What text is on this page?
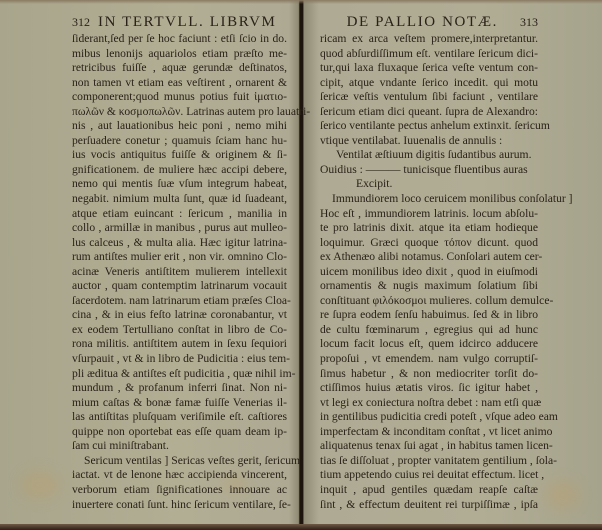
312 IN TERTVLL. LIBRVM
ſiderant,ſed per ſe hoc faciunt : etſi ſcio in do.
mibus lenonijs aquariolos etiam præſto me-
retricibus fuiſſe , aquæ gerundæ deſtinatos,
non tamen vt etiam eas veſtirent , ornarent &
componerent;quod munus potius fuit ἱματιο-
πωλῶν & κοσμοπωλῶν. Latrinas autem pro lauatri-
nis , aut lauationibus heic poni , nemo mihi
perſuadere conetur ; quamuis ſciam hanc hu-
ius vocis antiquitus fuiſſe & originem & ſi-
gnificationem. de muliere hæc accipi debere,
nemo qui mentis ſuæ vſum integrum habeat,
negabit. nimium multa ſunt, quæ id ſuadeant,
atque etiam euincant : ſericum , manilia in
collo , armillæ in manibus , purus aut mulleo-
lus calceus , & multa alia. Hæc igitur latrina-
rum antiſtes mulier erit , non vir. omnino Clo-
acinæ Veneris antiſtitem mulierem intellexit
auctor , quam contemptim latrinarum vocauit
ſacerdotem. nam latrinarum etiam præſes Cloa-
cina , & in eius feſto latrinæ coronabantur, vt
ex eodem Tertulliano conſtat in libro de Co-
rona militis. antiſtitem autem in ſexu ſequiori
vſurpauit , vt & in libro de Pudicitia : eius tem-
pli æditua & antiſtes eſt pudicitia , quæ nihil im-
mundum , & profanum inferri ſinat. Non ni-
mium caſtas & bonæ famæ fuiſſe Venerias il-
las antiſtitas pluſquam veriſimile eſt. caſtiores
quippe non oportebat eas eſſe quam deam ip-
ſam cui miniſtrabant.
Sericum ventilas ] Sericas veſtes gerit, ſericum
iactat. vt de lenone hæc accipienda vincerent,
verborum etiam ſignificationes innouare ac
inuertere conati ſunt. hinc ſericum ventilare, ſe-
DE PALLIO NOTÆ. 313
ricam ex arca veſtem promere,interpretantur.
quod abſurdiſſimum eſt. ventilare ſericum dici-
tur,qui laxa fluxaque ſerica veſte ventum con-
cipit, atque vndante ſerico incedit. qui motu
ſericæ veſtis ventulum ſibi faciunt , ventilare
ſericum etiam dici queant. ſupra de Alexandro:
ſerico ventilante pectus anhelum extinxit. ſericum
vtique ventilabat. Iuuenalis de annulis :
Ventilat æſtiuum digitis ſudantibus aurum.
Ouidius : ——— tunicisque fluentibus auras
Excipit.
Immundiorem loco ceruicem monilibus conſolatur ]
Hoc eſt , immundiorem latrinis. locum abſolu-
te pro latrinis dixit. atque ita etiam hodieque
loquimur. Græci quoque τόπον dicunt. quod
ex Athenæo alibi notamus. Conſolari autem cer-
uicem monilibus ideo dixit , quod in eiuſmodi
ornamentis & nugis maximum ſolatium ſibi
conſtituant φιλόκοσμοι mulieres. collum demulce-
re ſupra eodem ſenſu habuimus. ſed & in libro
de cultu fœminarum , egregius qui ad hunc
locum facit locus eſt, quem idcirco adducere
propoſui , vt emendem. nam vulgo corruptiſ-
ſimus habetur , & non mediocriter torſit do-
ctiſſimos huius ætatis viros. ſic igitur habet ,
vt legi ex coniectura noſtra debet : nam etſi quæ
in gentilibus pudicitia credi poteſt , vſque adeo eam
imperfectam & inconditam conſtat , vt licet animo
aliquatenus tenax ſui agat , in habitus tamen licen-
tias ſe diſſoluat , propter vanitatem gentilium , ſola-
tium appetendo cuius rei deuitat effectum. licet ,
inquit , apud gentiles quædam reapſe caſtæ
ſint , & effectum deuitent rei turpiſſimæ , ipſa
